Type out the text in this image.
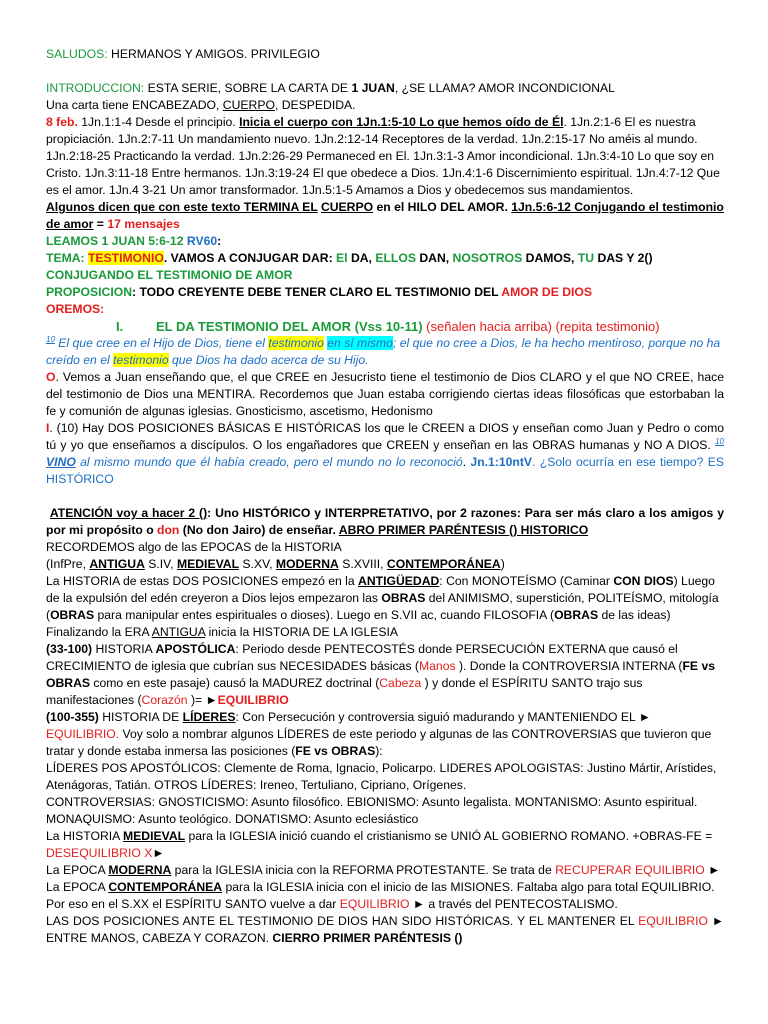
SALUDOS: HERMANOS Y AMIGOS. PRIVILEGIO

INTRODUCCION: ESTA SERIE, SOBRE LA CARTA DE 1 JUAN, ¿SE LLAMA? AMOR INCONDICIONAL

Una carta tiene ENCABEZADO, CUERPO, DESPEDIDA.

8 feb. 1Jn.1:1-4 Desde el principio. Inicia el cuerpo con 1Jn.1:5-10 Lo que hemos oído de Él. 1Jn.2:1-6 El es nuestra propiciación. 1Jn.2:7-11 Un mandamiento nuevo. 1Jn.2:12-14 Receptores de la verdad. 1Jn.2:15-17 No améis al mundo. 1Jn.2:18-25 Practicando la verdad. 1Jn.2:26-29 Permaneced en El. 1Jn.3:1-3 Amor incondicional. 1Jn.3:4-10 Lo que soy en Cristo. 1Jn.3:11-18 Entre hermanos. 1Jn.3:19-24 El que obedece a Dios. 1Jn.4:1-6 Discernimiento espiritual. 1Jn.4:7-12 Que es el amor. 1Jn.4 3-21 Un amor transformador. 1Jn.5:1-5 Amamos a Dios y obedecemos sus mandamientos.

Algunos dicen que con este texto TERMINA EL CUERPO en el HILO DEL AMOR. 1Jn.5:6-12 Conjugando el testimonio de amor = 17 mensajes

LEAMOS 1 JUAN 5:6-12 RV60:

TEMA: TESTIMONIO. VAMOS A CONJUGAR DAR: El DA, ELLOS DAN, NOSOTROS DAMOS, TU DAS Y 2()

CONJUGANDO EL TESTIMONIO DE AMOR

PROPOSICION: TODO CREYENTE DEBE TENER CLARO EL TESTIMONIO DEL AMOR DE DIOS

OREMOS:

I.	EL DA TESTIMONIO DEL AMOR (Vss 10-11) (señalen hacia arriba) (repita testimonio)

$^{10}$ El que cree en el Hijo de Dios, tiene el testimonio en sí mismo; el que no cree a Dios, le ha hecho mentiroso, porque no ha creído en el testimonio que Dios ha dado acerca de su Hijo.

O. Vemos a Juan enseñando que, el que CREE en Jesucristo tiene el testimonio de Dios CLARO y el que NO CREE, hace del testimonio de Dios una MENTIRA. Recordemos que Juan estaba corrigiendo ciertas ideas filosóficas que estorbaban la fe y comunión de algunas iglesias. Gnosticismo, ascetismo, Hedonismo

I. (10) Hay DOS POSICIONES BÁSICAS E HISTÓRICAS los que le CREEN a DIOS y enseñan como Juan y Pedro o como tú y yo que enseñamos a discípulos. O los engañadores que CREEN y enseñan en las OBRAS humanas y NO A DIOS. $^{10}$ VINO al mismo mundo que él había creado, pero el mundo no lo reconoció. Jn.1:10ntV. ¿Solo ocurría en ese tiempo? ES HISTÓRICO

ATENCIÓN voy a hacer 2 (): Uno HISTÓRICO y INTERPRETATIVO, por 2 razones: Para ser más claro a los amigos y por mi propósito o don (No don Jairo) de enseñar. ABRO PRIMER PARÉNTESIS () HISTORICO

RECORDEMOS algo de las EPOCAS de la HISTORIA

(InfPre, ANTIGUA S.IV, MEDIEVAL S.XV, MODERNA S.XVIII, CONTEMPORÁNEA)

La HISTORIA de estas DOS POSICIONES empezó en la ANTIGÜEDAD: Con MONOTEÍSMO (Caminar CON DIOS) Luego de la expulsión del edén creyeron a Dios lejos empezaron las OBRAS del ANIMISMO, superstición, POLITEÍSMO, mitología (OBRAS para manipular entes espirituales o dioses). Luego en S.VII ac, cuando FILOSOFIA (OBRAS de las ideas) Finalizando la ERA ANTIGUA inicia la HISTORIA DE LA IGLESIA

(33-100) HISTORIA APOSTÓLICA: Periodo desde PENTECOSTÉS donde PERSECUCIÓN EXTERNA que causó el CRECIMIENTO de iglesia que cubrían sus NECESIDADES básicas (Manos ). Donde la CONTROVERSIA INTERNA (FE vs OBRAS como en este pasaje) causó la MADUREZ doctrinal (Cabeza ) y donde el ESPÍRITU SANTO trajo sus manifestaciones (Corazón )= ►EQUILIBRIO

(100-355) HISTORIA DE LÍDERES: Con Persecución y controversia siguió madurando y MANTENIENDO EL ► EQUILIBRIO. Voy solo a nombrar algunos LÍDERES de este periodo y algunas de las CONTROVERSIAS que tuvieron que tratar y donde estaba inmersa las posiciones (FE vs OBRAS):

LÍDERES POS APOSTÓLICOS: Clemente de Roma, Ignacio, Policarpo. LIDERES APOLOGISTAS: Justino Mártir, Arístides, Atenágoras, Tatián. OTROS LÍDERES: Ireneo, Tertuliano, Cipriano, Orígenes.

CONTROVERSIAS: GNOSTICISMO: Asunto filosófico. EBIONISMO: Asunto legalista. MONTANISMO: Asunto espiritual. MONAQUISMO: Asunto teológico. DONATISMO: Asunto eclesiástico

La HISTORIA MEDIEVAL para la IGLESIA inició cuando el cristianismo se UNIÓ AL GOBIERNO ROMANO. +OBRAS-FE = DESEQUILIBRIO X►

La EPOCA MODERNA para la IGLESIA inicia con la REFORMA PROTESTANTE. Se trata de RECUPERAR EQUILIBRIO ►

La EPOCA CONTEMPORÁNEA para la IGLESIA inicia con el inicio de las MISIONES. Faltaba algo para total EQUILIBRIO. Por eso en el S.XX el ESPÍRITU SANTO vuelve a dar EQUILIBRIO ► a través del PENTECOSTALISMO.

LAS DOS POSICIONES ANTE EL TESTIMONIO DE DIOS HAN SIDO HISTÓRICAS. Y EL MANTENER EL EQUILIBRIO ► ENTRE MANOS, CABEZA Y CORAZON. CIERRO PRIMER PARÉNTESIS ()
